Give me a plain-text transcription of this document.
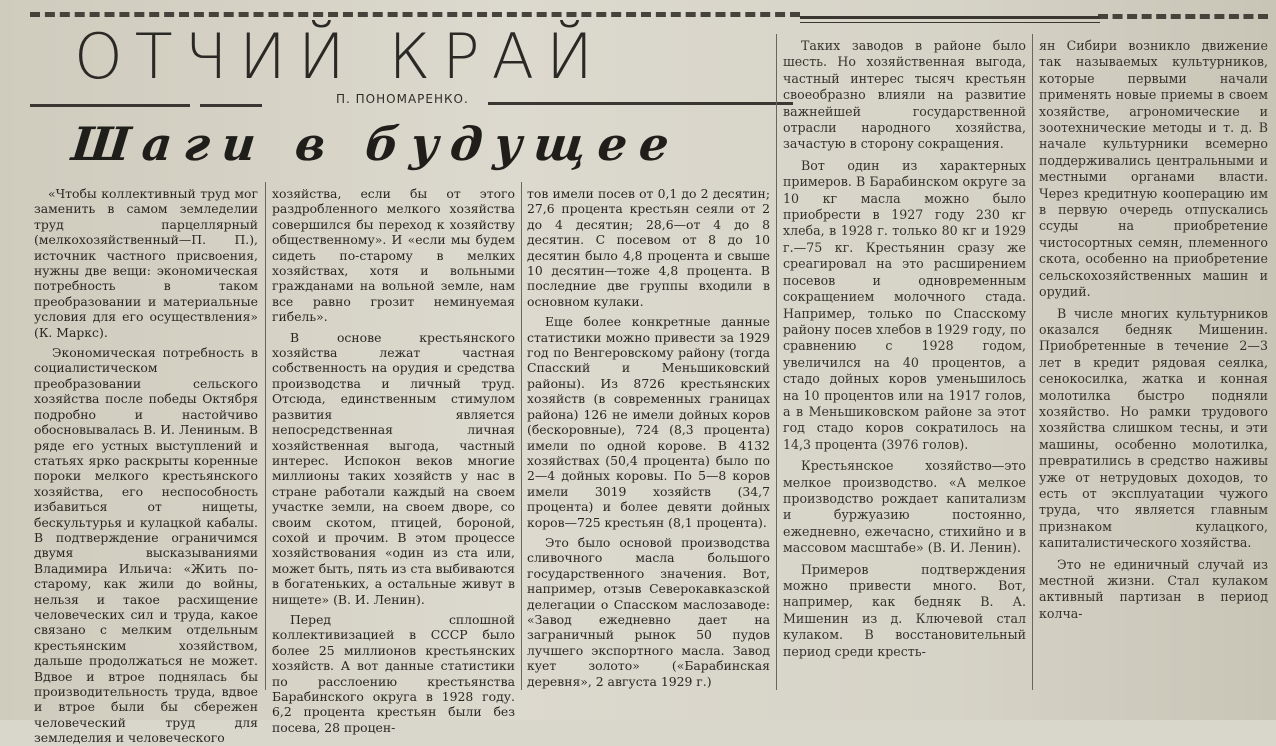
ОТЧИЙ КРАЙ
П. ПОНОМАРЕНКО.
Шаги в будущее

«Чтобы коллективный труд мог заменить в самом земледелии труд парцеллярный (мелкохозяйственный—П. П.), источник частного присвоения, нужны две вещи: экономическая потребность в таком преобразовании и материальные условия для его осуществления» (К. Маркс).

Экономическая потребность в социалистическом преобразовании сельского хозяйства после победы Октября подробно и настойчиво обосновывалась В. И. Лениным. В ряде его устных выступлений и статьях ярко раскрыты коренные пороки мелкого крестьянского хозяйства, его неспособность избавиться от нищеты, бескультурья и кулацкой кабалы. В подтверждение ограничимся двумя высказываниями Владимира Ильича: «Жить по-старому, как жили до войны, нельзя и такое расхищение человеческих сил и труда, какое связано с мелким отдельным крестьянским хозяйством, дальше продолжаться не может. Вдвое и втрое поднялась бы производительность труда, вдвое и втрое были бы сбережен человеческий труд для земледелия и человеческого

хозяйства, если бы от этого раздробленного мелкого хозяйства совершился бы переход к хозяйству общественному». И «если мы будем сидеть по-старому в мелких хозяйствах, хотя и вольными гражданами на вольной земле, нам все равно грозит неминуемая гибель».

В основе крестьянского хозяйства лежат частная собственность на орудия и средства производства и личный труд. Отсюда, единственным стимулом развития является непосредственная личная хозяйственная выгода, частный интерес. Испокон веков многие миллионы таких хозяйств у нас в стране работали каждый на своем участке земли, на своем дворе, со своим скотом, птицей, бороной, сохой и прочим. В этом процессе хозяйствования «один из ста или, может быть, пять из ста выбиваются в богатеньких, а остальные живут в нищете» (В. И. Ленин).

Перед сплошной коллективизацией в СССР было более 25 миллионов крестьянских хозяйств. А вот данные статистики по расслоению крестьянства Барабинского округа в 1928 году. 6,2 процента крестьян были без посева, 28 процен-

тов имели посев от 0,1 до 2 десятин; 27,6 процента крестьян сеяли от 2 до 4 десятин; 28,6—от 4 до 8 десятин. С посевом от 8 до 10 десятин было 4,8 процента и свыше 10 десятин—тоже 4,8 процента. В последние две группы входили в основном кулаки.

Еще более конкретные данные статистики можно привести за 1929 год по Венгеровскому району (тогда Спасский и Меньшиковский районы). Из 8726 крестьянских хозяйств (в современных границах района) 126 не имели дойных коров (бескоровные), 724 (8,3 процента) имели по одной корове. В 4132 хозяйствах (50,4 процента) было по 2—4 дойных коровы. По 5—8 коров имели 3019 хозяйств (34,7 процента) и более девяти дойных коров—725 крестьян (8,1 процента).

Это было основой производства сливочного масла большого государственного значения. Вот, например, отзыв Северокавказской делегации о Спасском маслозаводе: «Завод ежедневно дает на заграничный рынок 50 пудов лучшего экспортного масла. Завод кует золото» («Барабинская деревня», 2 августа 1929 г.)

Таких заводов в районе было шесть. Но хозяйственная выгода, частный интерес тысяч крестьян своеобразно влияли на развитие важнейшей государственной отрасли народного хозяйства, зачастую в сторону сокращения.

Вот один из характерных примеров. В Барабинском округе за 10 кг масла можно было приобрести в 1927 году 230 кг хлеба, в 1928 г. только 80 кг и 1929 г.—75 кг. Крестьянин сразу же среагировал на это расширением посевов и одновременным сокращением молочного стада. Например, только по Спасскому району посев хлебов в 1929 году, по сравнению с 1928 годом, увеличился на 40 процентов, а стадо дойных коров уменьшилось на 10 процентов или на 1917 голов, а в Меньшиковском районе за этот год стадо коров сократилось на 14,3 процента (3976 голов).

Крестьянское хозяйство—это мелкое производство. «А мелкое производство рождает капитализм и буржуазию постоянно, ежедневно, ежечасно, стихийно и в массовом масштабе» (В. И. Ленин).

Примеров подтверждения можно привести много. Вот, например, как бедняк В. А. Мишенин из д. Ключевой стал кулаком. В восстановительный период среди кресть-

ян Сибири возникло движение так называемых культурников, которые первыми начали применять новые приемы в своем хозяйстве, агрономические и зоотехнические методы и т. д. В начале культурники всемерно поддерживались центральными и местными органами власти. Через кредитную кооперацию им в первую очередь отпускались ссуды на приобретение чистосортных семян, племенного скота, особенно на приобретение сельскохозяйственных машин и орудий.

В числе многих культурников оказался бедняк Мишенин. Приобретенные в течение 2—3 лет в кредит рядовая сеялка, сенокосилка, жатка и конная молотилка быстро подняли хозяйство. Но рамки трудового хозяйства слишком тесны, и эти машины, особенно молотилка, превратились в средство наживы уже от нетрудовых доходов, то есть от эксплуатации чужого труда, что является главным признаком кулацкого, капиталистического хозяйства.

Это не единичный случай из местной жизни. Стал кулаком активный партизан в период колча-
